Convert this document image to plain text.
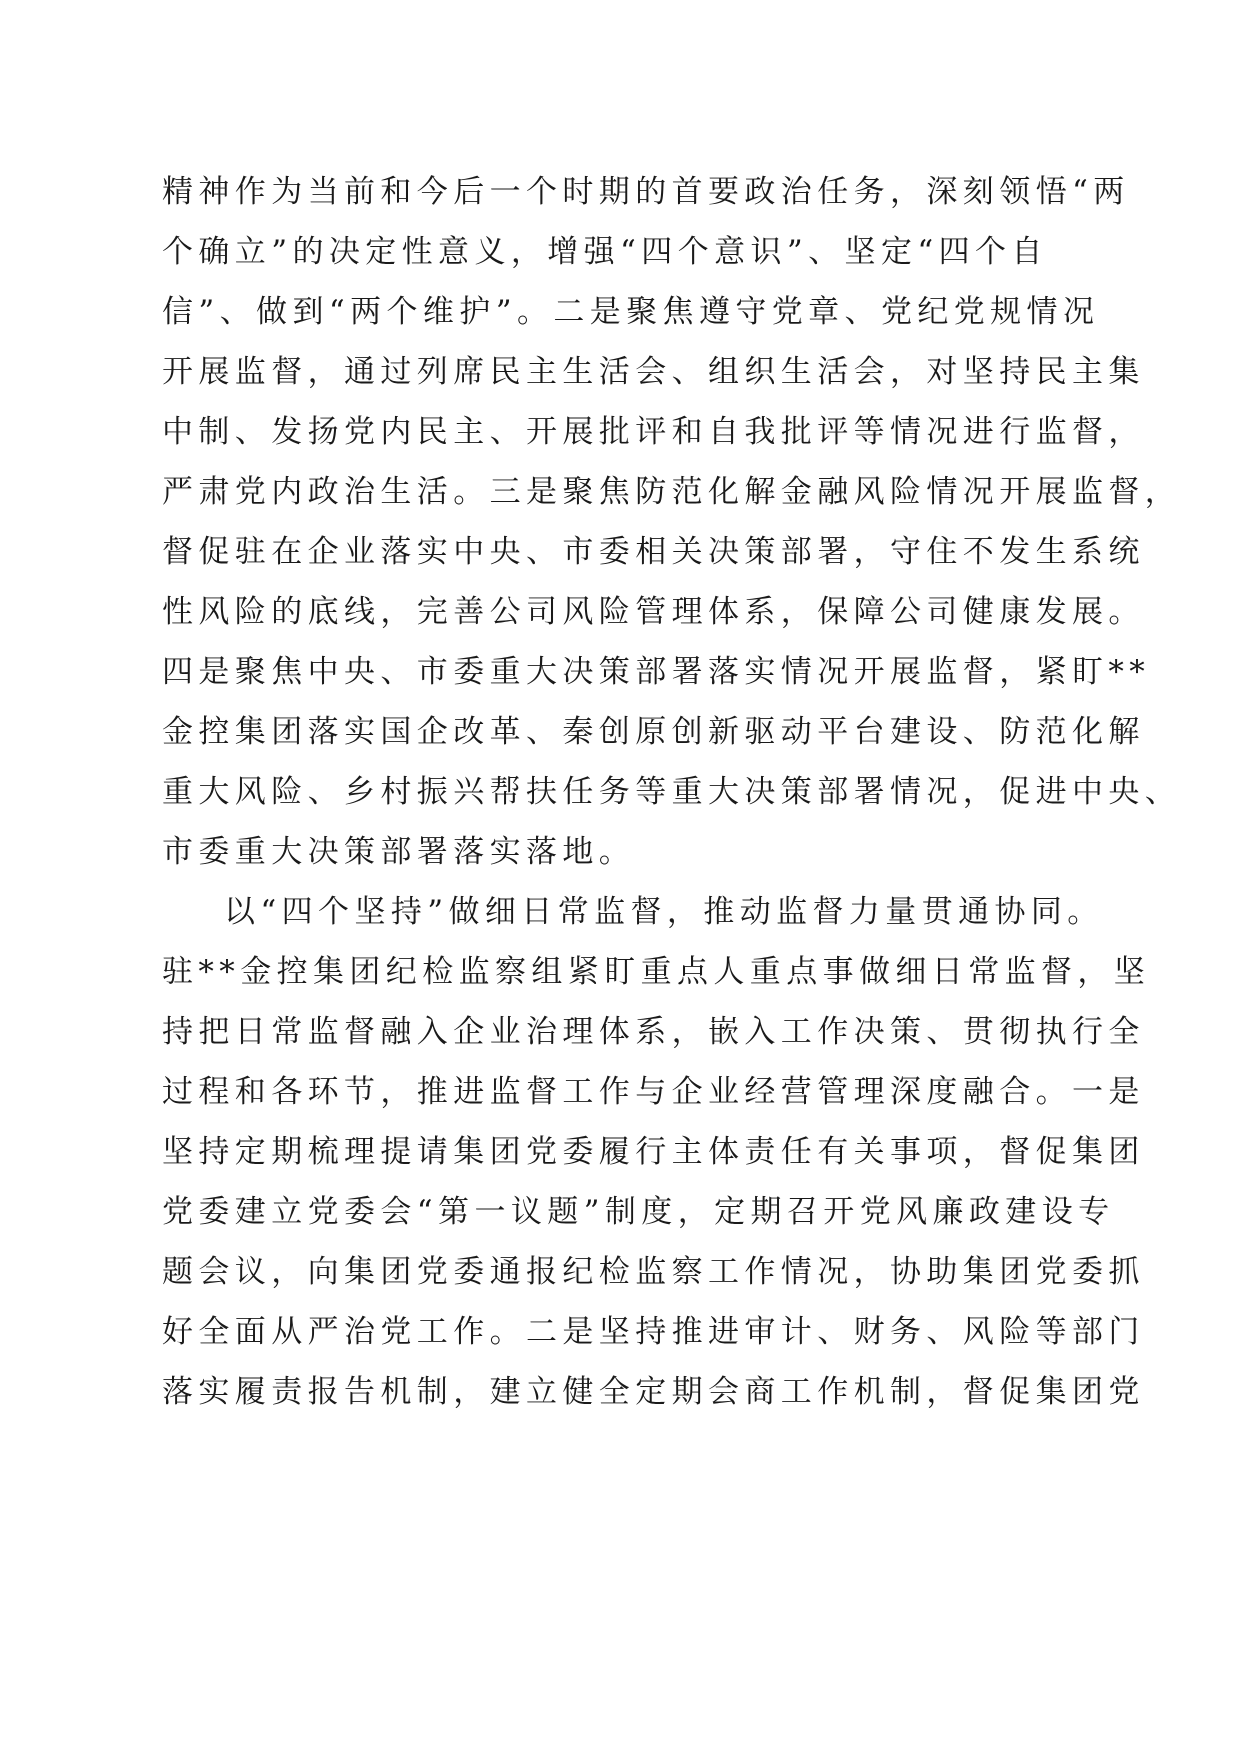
精神作为当前和今后一个时期的首要政治任务，深刻领悟“两
个确立”的决定性意义，增强“四个意识”、坚定“四个自
信”、做到“两个维护”。二是聚焦遵守党章、党纪党规情况
开展监督，通过列席民主生活会、组织生活会，对坚持民主集
中制、发扬党内民主、开展批评和自我批评等情况进行监督，
严肃党内政治生活。三是聚焦防范化解金融风险情况开展监督，
督促驻在企业落实中央、市委相关决策部署，守住不发生系统
性风险的底线，完善公司风险管理体系，保障公司健康发展。
四是聚焦中央、市委重大决策部署落实情况开展监督，紧盯**
金控集团落实国企改革、秦创原创新驱动平台建设、防范化解
重大风险、乡村振兴帮扶任务等重大决策部署情况，促进中央、
市委重大决策部署落实落地。
以“四个坚持”做细日常监督，推动监督力量贯通协同。
驻**金控集团纪检监察组紧盯重点人重点事做细日常监督，坚
持把日常监督融入企业治理体系，嵌入工作决策、贯彻执行全
过程和各环节，推进监督工作与企业经营管理深度融合。一是
坚持定期梳理提请集团党委履行主体责任有关事项，督促集团
党委建立党委会“第一议题”制度，定期召开党风廉政建设专
题会议，向集团党委通报纪检监察工作情况，协助集团党委抓
好全面从严治党工作。二是坚持推进审计、财务、风险等部门
落实履责报告机制，建立健全定期会商工作机制，督促集团党
